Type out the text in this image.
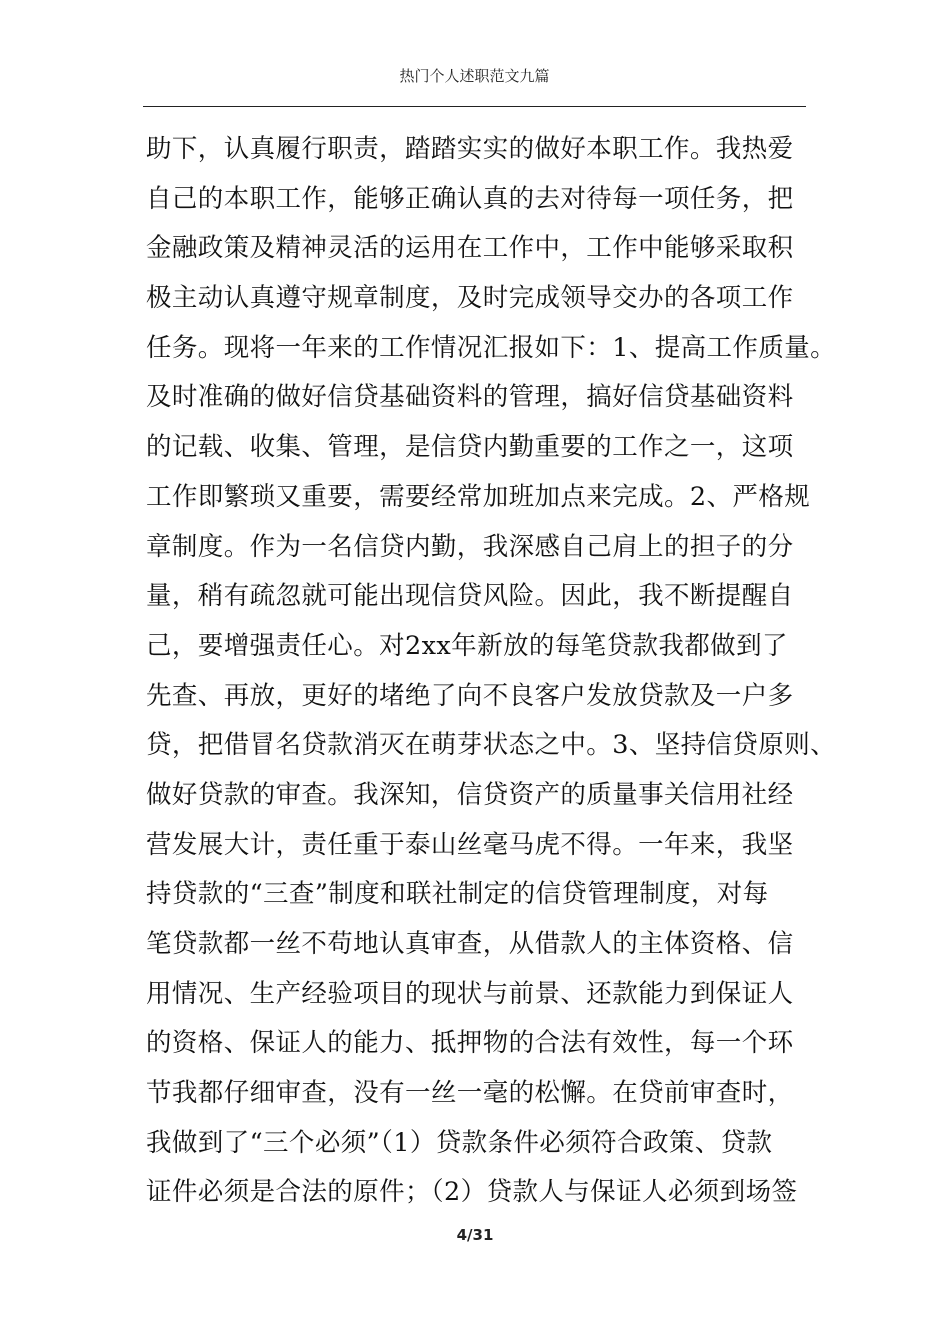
热门个人述职范文九篇
助下，认真履行职责，踏踏实实的做好本职工作。我热爱
自己的本职工作，能够正确认真的去对待每一项任务，把
金融政策及精神灵活的运用在工作中，工作中能够采取积
极主动认真遵守规章制度，及时完成领导交办的各项工作
任务。现将一年来的工作情况汇报如下：1、提高工作质量。
及时准确的做好信贷基础资料的管理，搞好信贷基础资料
的记载、收集、管理，是信贷内勤重要的工作之一，这项
工作即繁琐又重要，需要经常加班加点来完成。2、严格规
章制度。作为一名信贷内勤，我深感自己肩上的担子的分
量，稍有疏忽就可能出现信贷风险。因此，我不断提醒自
己，要增强责任心。对2xx年新放的每笔贷款我都做到了
先查、再放，更好的堵绝了向不良客户发放贷款及一户多
贷，把借冒名贷款消灭在萌芽状态之中。3、坚持信贷原则、
做好贷款的审查。我深知，信贷资产的质量事关信用社经
营发展大计，责任重于泰山丝毫马虎不得。一年来，我坚
持贷款的“三查”制度和联社制定的信贷管理制度，对每
笔贷款都一丝不苟地认真审查，从借款人的主体资格、信
用情况、生产经验项目的现状与前景、还款能力到保证人
的资格、保证人的能力、抵押物的合法有效性，每一个环
节我都仔细审查，没有一丝一毫的松懈。在贷前审查时，
我做到了“三个必须”（1）贷款条件必须符合政策、贷款
证件必须是合法的原件；（2）贷款人与保证人必须到场签
4/31
